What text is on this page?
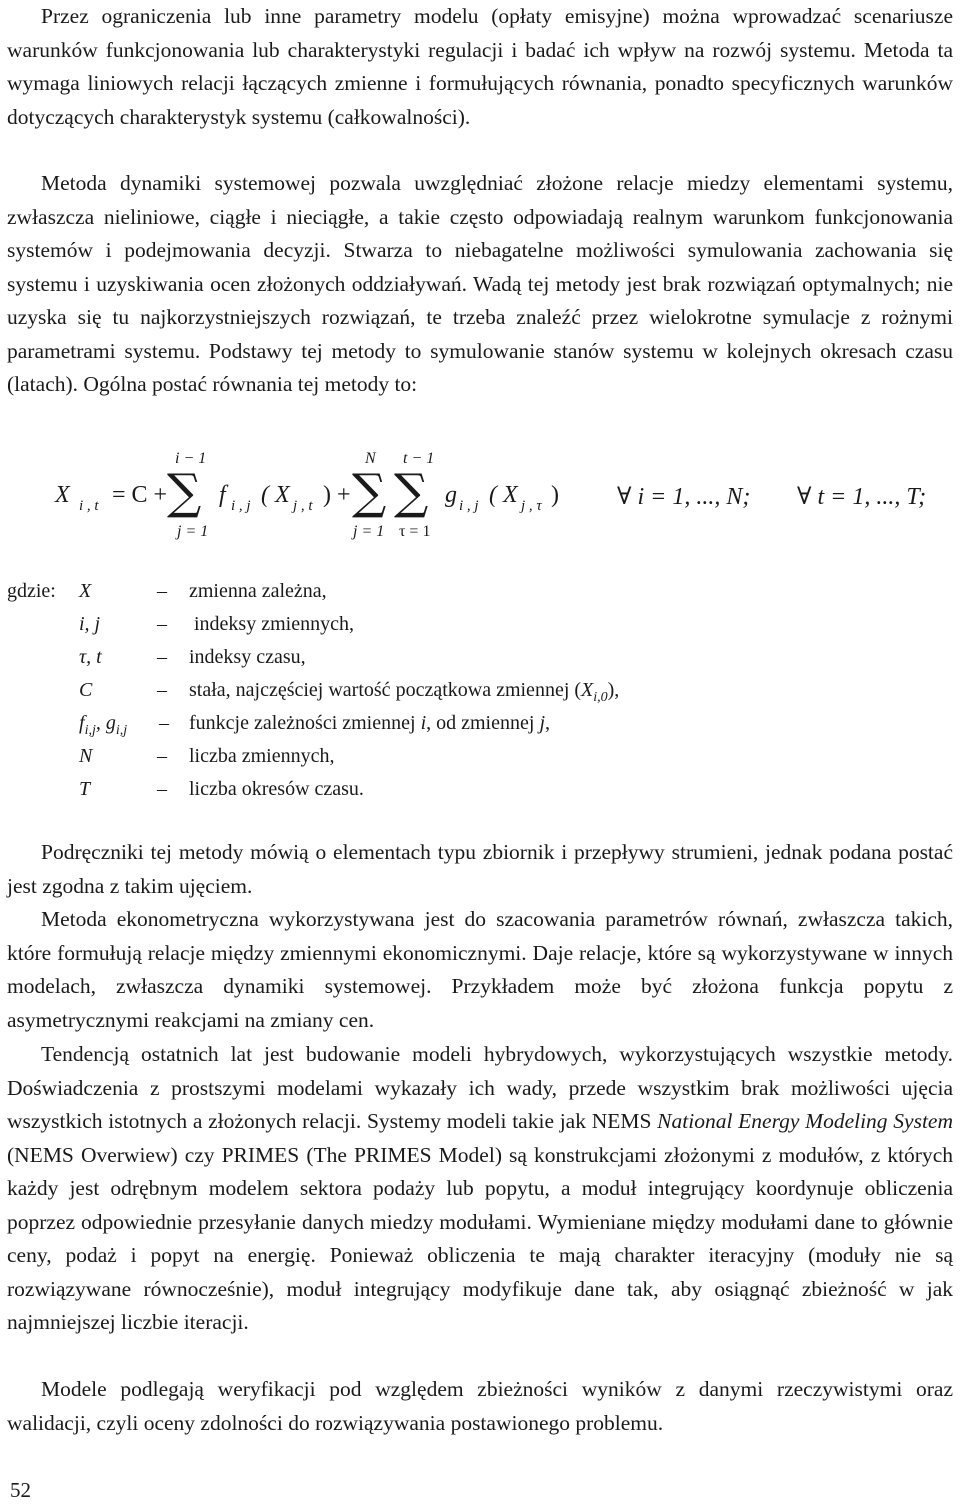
Przez ograniczenia lub inne parametry modelu (opłaty emisyjne) można wprowadzać scenariusze warunków funkcjonowania lub charakterystyki regulacji i badać ich wpływ na rozwój systemu. Metoda ta wymaga liniowych relacji łączących zmienne i formułujących równania, ponadto specyficznych warunków dotyczących charakterystyk systemu (całkowalności).

Metoda dynamiki systemowej pozwala uwzględniać złożone relacje miedzy elementami systemu, zwłaszcza nieliniowe, ciągłe i nieciągłe, a takie często odpowiadają realnym warunkom funkcjonowania systemów i podejmowania decyzji. Stwarza to niebagatelne możliwości symulowania zachowania się systemu i uzyskiwania ocen złożonych oddziaływań. Wadą tej metody jest brak rozwiązań optymalnych; nie uzyska się tu najkorzystniejszych rozwiązań, te trzeba znaleźć przez wielokrotne symulacje z rożnymi parametrami systemu. Podstawy tej metody to symulowanie stanów systemu w kolejnych okresach czasu (latach). Ogólna postać równania tej metody to:

X i , t = C +
i − 1
∑
j = 1
f i , j ( X j , t ) +
N
∑
j = 1
t − 1
∑
τ = 1
g i , j ( X j , τ ) ∀ i = 1, ..., N; ∀ t = 1, ..., T;
gdzie: X	– zmienna zależna,
i, j	– indeksy zmiennych,
τ, t	– indeksy czasu,
C	– stała, najczęściej wartość początkowa zmiennej $(X_{i,0})$,
$f_{i,j}$, $g_{i,j}$ – funkcje zależności zmiennej i, od zmiennej j,
N	– liczba zmiennych,
T	– liczba okresów czasu.

Podręczniki tej metody mówią o elementach typu zbiornik i przepływy strumieni, jednak podana postać jest zgodna z takim ujęciem.

Metoda ekonometryczna wykorzystywana jest do szacowania parametrów równań, zwłaszcza takich, które formułują relacje między zmiennymi ekonomicznymi. Daje relacje, które są wykorzystywane w innych modelach, zwłaszcza dynamiki systemowej. Przykładem może być złożona funkcja popytu z asymetrycznymi reakcjami na zmiany cen.

Tendencją ostatnich lat jest budowanie modeli hybrydowych, wykorzystujących wszystkie metody. Doświadczenia z prostszymi modelami wykazały ich wady, przede wszystkim brak możliwości ujęcia wszystkich istotnych a złożonych relacji. Systemy modeli takie jak NEMS National Energy Modeling System (NEMS Overwiew) czy PRIMES (The PRIMES Model) są konstrukcjami złożonymi z modułów, z których każdy jest odrębnym modelem sektora podaży lub popytu, a moduł integrujący koordynuje obliczenia poprzez odpowiednie przesyłanie danych miedzy modułami. Wymieniane między modułami dane to głównie ceny, podaż i popyt na energię. Ponieważ obliczenia te mają charakter iteracyjny (moduły nie są rozwiązywane równocześnie), moduł integrujący modyfikuje dane tak, aby osiągnąć zbieżność w jak najmniejszej liczbie iteracji.

Modele podlegają weryfikacji pod względem zbieżności wyników z danymi rzeczywistymi oraz walidacji, czyli oceny zdolności do rozwiązywania postawionego problemu.

52
